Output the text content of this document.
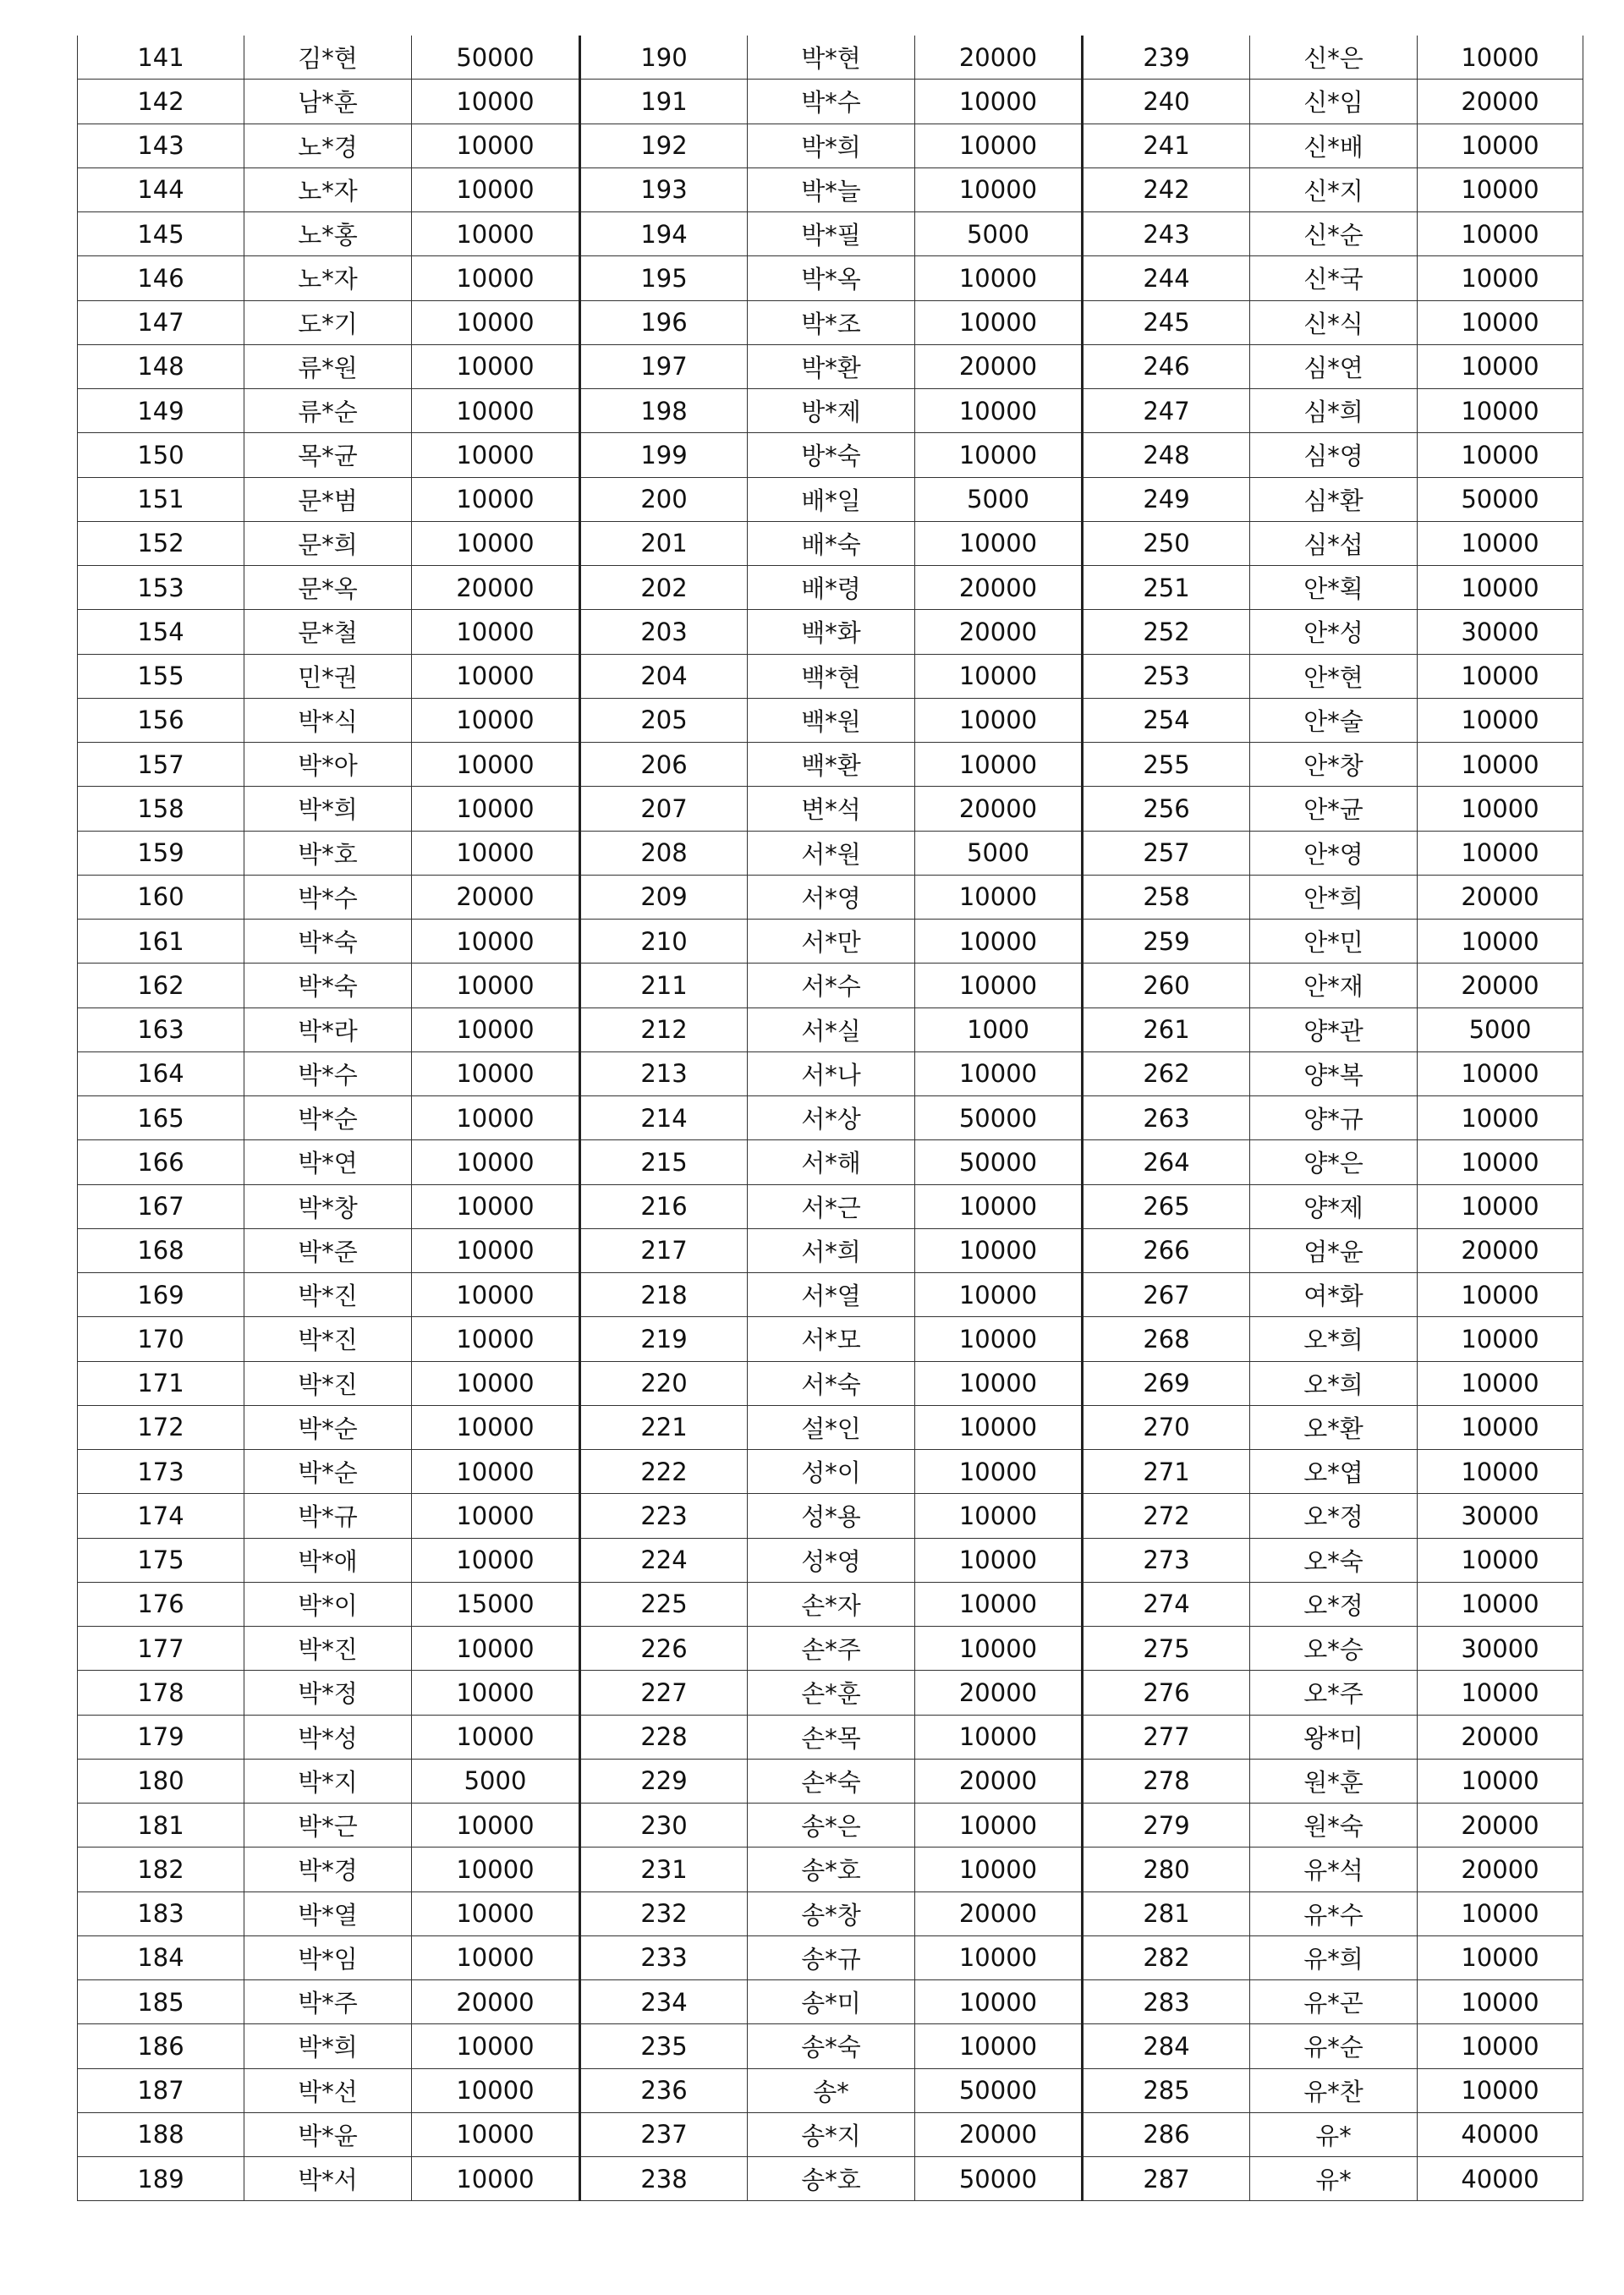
141	김*현	50000	190	박*현	20000	239	신*은	10000
142	남*훈	10000	191	박*수	10000	240	신*임	20000
143	노*경	10000	192	박*희	10000	241	신*배	10000
144	노*자	10000	193	박*늘	10000	242	신*지	10000
145	노*홍	10000	194	박*필	5000	243	신*순	10000
146	노*자	10000	195	박*옥	10000	244	신*국	10000
147	도*기	10000	196	박*조	10000	245	신*식	10000
148	류*원	10000	197	박*환	20000	246	심*연	10000
149	류*순	10000	198	방*제	10000	247	심*희	10000
150	목*균	10000	199	방*숙	10000	248	심*영	10000
151	문*범	10000	200	배*일	5000	249	심*환	50000
152	문*희	10000	201	배*숙	10000	250	심*섭	10000
153	문*옥	20000	202	배*령	20000	251	안*획	10000
154	문*철	10000	203	백*화	20000	252	안*성	30000
155	민*권	10000	204	백*현	10000	253	안*현	10000
156	박*식	10000	205	백*원	10000	254	안*술	10000
157	박*아	10000	206	백*환	10000	255	안*창	10000
158	박*희	10000	207	변*석	20000	256	안*균	10000
159	박*호	10000	208	서*원	5000	257	안*영	10000
160	박*수	20000	209	서*영	10000	258	안*희	20000
161	박*숙	10000	210	서*만	10000	259	안*민	10000
162	박*숙	10000	211	서*수	10000	260	안*재	20000
163	박*라	10000	212	서*실	1000	261	양*관	5000
164	박*수	10000	213	서*나	10000	262	양*복	10000
165	박*순	10000	214	서*상	50000	263	양*규	10000
166	박*연	10000	215	서*해	50000	264	양*은	10000
167	박*창	10000	216	서*근	10000	265	양*제	10000
168	박*준	10000	217	서*희	10000	266	엄*윤	20000
169	박*진	10000	218	서*열	10000	267	여*화	10000
170	박*진	10000	219	서*모	10000	268	오*희	10000
171	박*진	10000	220	서*숙	10000	269	오*희	10000
172	박*순	10000	221	설*인	10000	270	오*환	10000
173	박*순	10000	222	성*이	10000	271	오*엽	10000
174	박*규	10000	223	성*용	10000	272	오*정	30000
175	박*애	10000	224	성*영	10000	273	오*숙	10000
176	박*이	15000	225	손*자	10000	274	오*정	10000
177	박*진	10000	226	손*주	10000	275	오*승	30000
178	박*정	10000	227	손*훈	20000	276	오*주	10000
179	박*성	10000	228	손*목	10000	277	왕*미	20000
180	박*지	5000	229	손*숙	20000	278	원*훈	10000
181	박*근	10000	230	송*은	10000	279	원*숙	20000
182	박*경	10000	231	송*호	10000	280	유*석	20000
183	박*열	10000	232	송*창	20000	281	유*수	10000
184	박*임	10000	233	송*규	10000	282	유*희	10000
185	박*주	20000	234	송*미	10000	283	유*곤	10000
186	박*희	10000	235	송*숙	10000	284	유*순	10000
187	박*선	10000	236	송*	50000	285	유*찬	10000
188	박*윤	10000	237	송*지	20000	286	유*	40000
189	박*서	10000	238	송*호	50000	287	유*	40000
